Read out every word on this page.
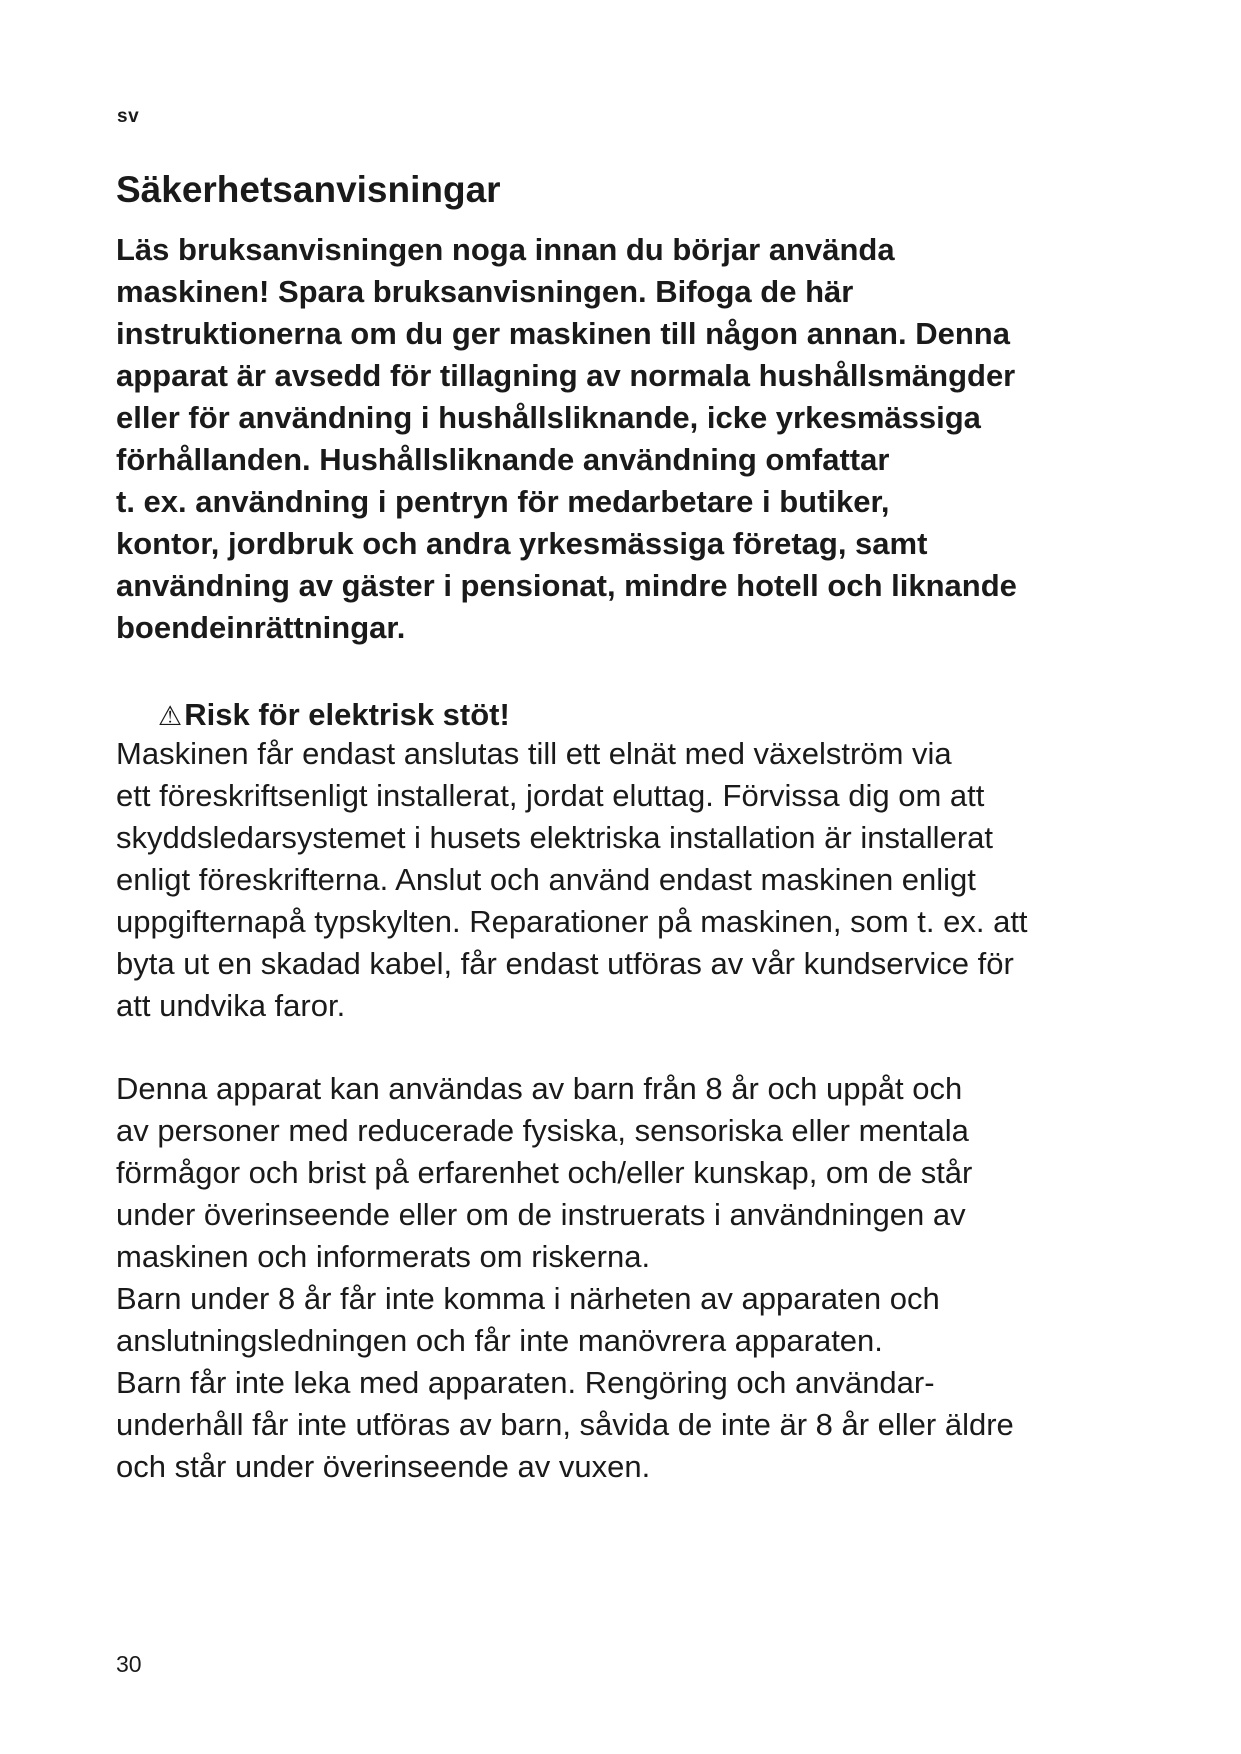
sv
Säkerhetsanvisningar

Läs bruksanvisningen noga innan du börjar använda
maskinen! Spara bruksanvisningen. Bifoga de här
instruktionerna om du ger maskinen till någon annan. Denna
apparat är avsedd för tillagning av normala hushållsmängder
eller för användning i hushållsliknande, icke yrkesmässiga
förhållanden. Hushållsliknande användning omfattar
t. ex. användning i pentryn för medarbetare i butiker,
kontor, jordbruk och andra yrkesmässiga företag, samt
användning av gäster i pensionat, mindre hotell och liknande
boendeinrättningar.

⚠Risk för elektrisk stöt!

Maskinen får endast anslutas till ett elnät med växelström via
ett föreskriftsenligt installerat, jordat eluttag. Förvissa dig om att
skyddsledarsystemet i husets elektriska installation är installerat
enligt föreskrifterna. Anslut och använd endast maskinen enligt
uppgifternapå typskylten. Reparationer på maskinen, som t. ex. att
byta ut en skadad kabel, får endast utföras av vår kundservice för
att undvika faror.

Denna apparat kan användas av barn från 8 år och uppåt och
av personer med reducerade fysiska, sensoriska eller mentala
förmågor och brist på erfarenhet och/eller kunskap, om de står
under överinseende eller om de instruerats i användningen av
maskinen och informerats om riskerna.
Barn under 8 år får inte komma i närheten av apparaten och
anslutningsledningen och får inte manövrera apparaten.
Barn får inte leka med apparaten. Rengöring och användar-
underhåll får inte utföras av barn, såvida de inte är 8 år eller äldre
och står under överinseende av vuxen.

30
